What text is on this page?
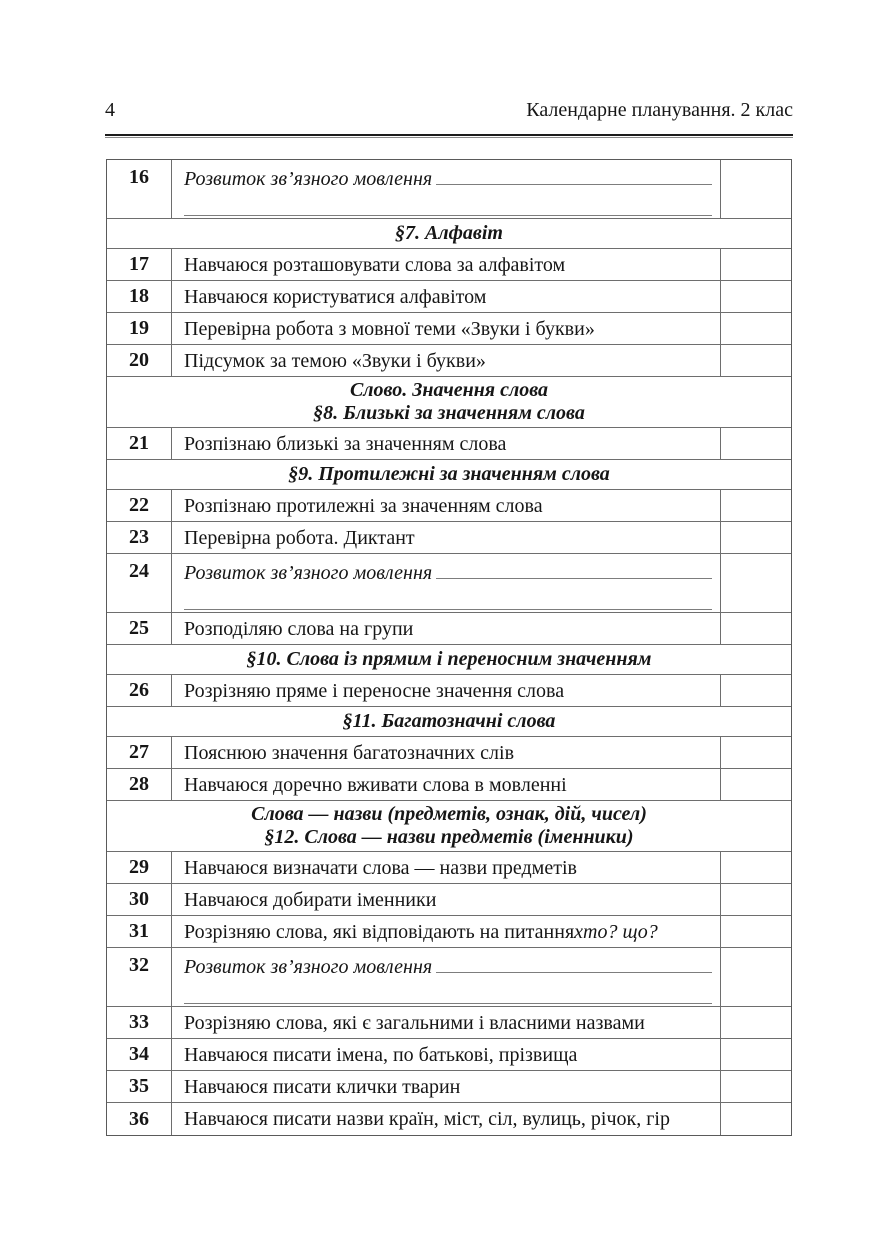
4	Календарне планування. 2 клас
16	Розвиток зв’язного мовлення
§7. Алфавіт
17	Навчаюся розташовувати слова за алфавітом
18	Навчаюся користуватися алфавітом
19	Перевірна робота з мовної теми «Звуки і букви»
20	Підсумок за темою «Звуки і букви»
Слово. Значення слова
§8. Близькі за значенням слова
21	Розпізнаю близькі за значенням слова
§9. Протилежні за значенням слова
22	Розпізнаю протилежні за значенням слова
23	Перевірна робота. Диктант
24	Розвиток зв’язного мовлення
25	Розподіляю слова на групи
§10. Слова із прямим і переносним значенням
26	Розрізняю пряме і переносне значення слова
§11. Багатозначні слова
27	Пояснюю значення багатозначних слів
28	Навчаюся доречно вживати слова в мовленні
Слова — назви (предметів, ознак, дій, чисел)
§12. Слова — назви предметів (іменники)
29	Навчаюся визначати слова — назви предметів
30	Навчаюся добирати іменники
31	Розрізняю слова, які відповідають на питання хто? що?
32	Розвиток зв’язного мовлення
33	Розрізняю слова, які є загальними і власними назвами
34	Навчаюся писати імена, по батькові, прізвища
35	Навчаюся писати клички тварин
36	Навчаюся писати назви країн, міст, сіл, вулиць, річок, гір
